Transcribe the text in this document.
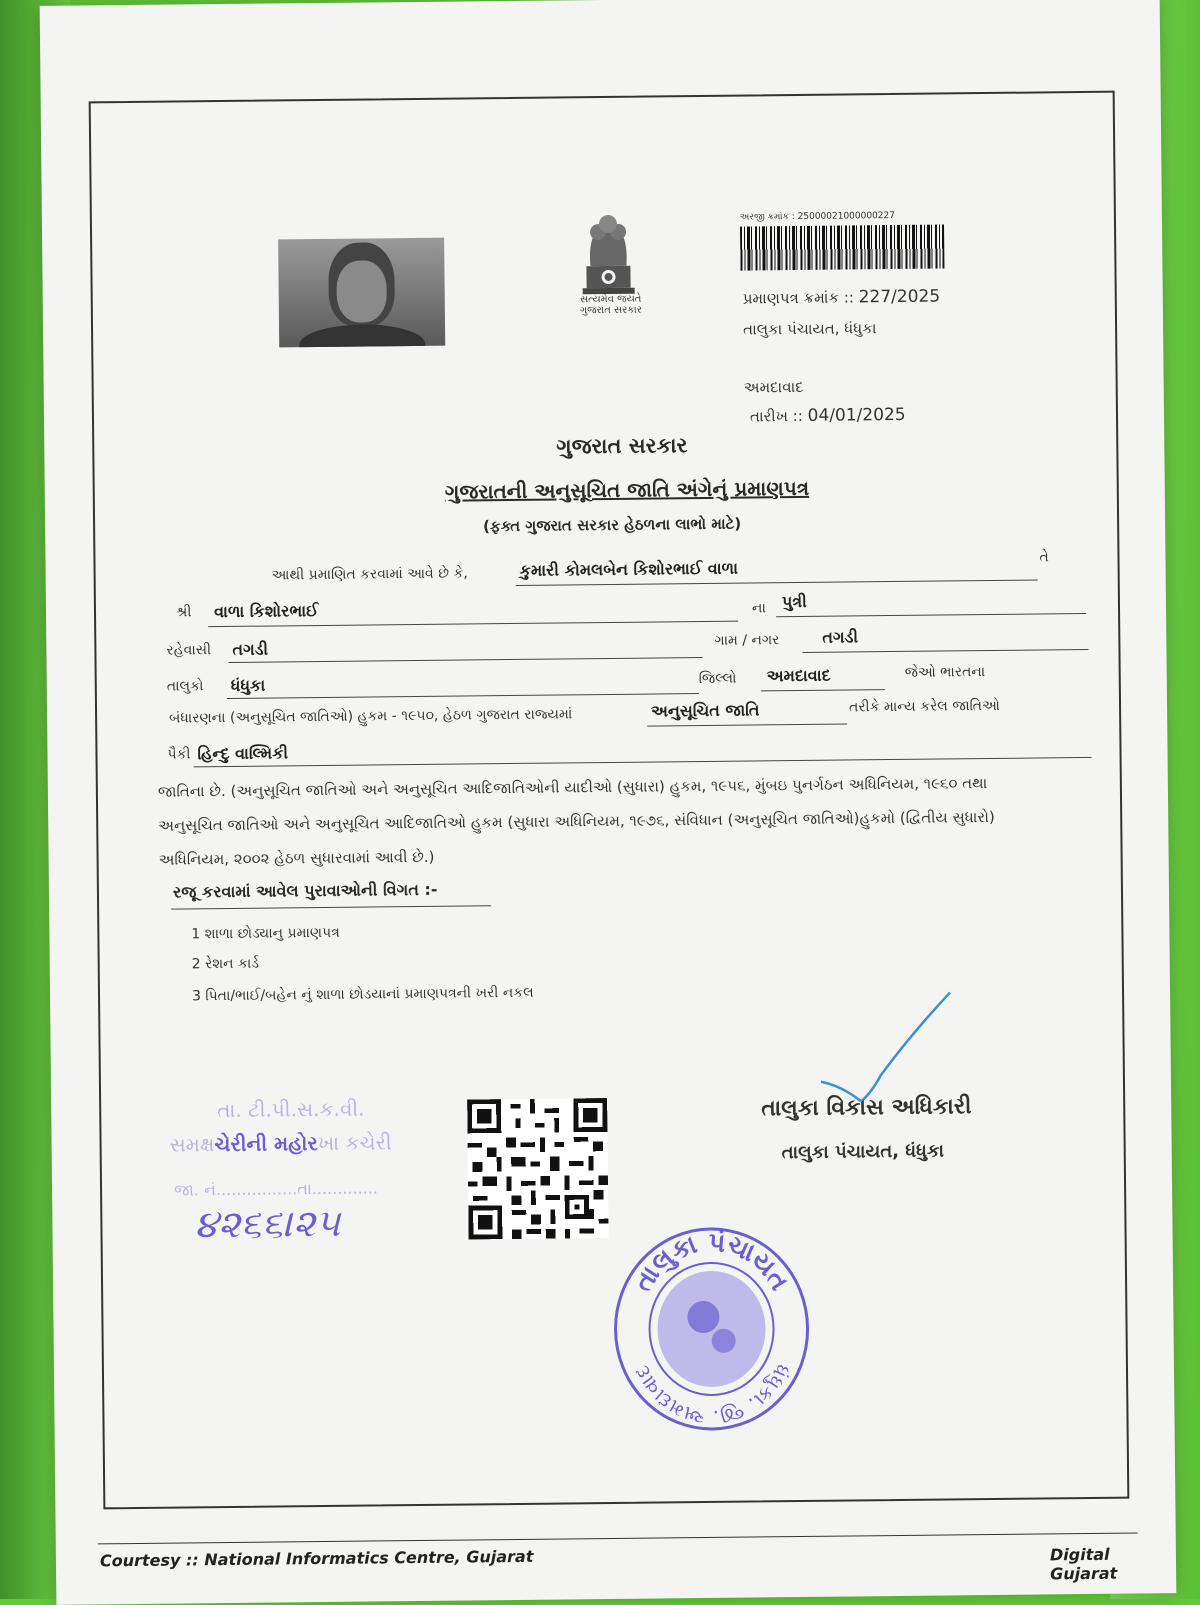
સત્યમેવ જયતે
ગુજરાત સરકાર
અરજી ક્રમાંક : 25000021000000227
પ્રમાણપત્ર ક્રમાંક :: 227/2025
તાલુકા પંચાયત, ધંધુકા
અમદાવાદ
તારીખ :: 04/01/2025
ગુજરાત સરકાર
ગુજરાતની અનુસૂચિત જાતિ અંગેનું પ્રમાણપત્ર
(ફક્ત ગુજરાત સરકાર હેઠળના લાભો માટે)
આથી પ્રમાણિત કરવામાં આવે છે કે,	કુમારી કોમલબેન કિશોરભાઈ વાળા
તે
શ્રી વાળા કિશોરભાઈ	ના પુત્રી
રહેવાસી તગડી	ગામ / નગર	તગડી
તાલુકો ધંધુકા	જિલ્લો અમદાવાદ	જેઓ ભારતના
બંધારણના (અનુસૂચિત જાતિઓ) હુકમ - ૧૯૫૦, હેઠળ ગુજરાત રાજ્યમાં	અનુસૂચિત જાતિ	તરીકે માન્ય કરેલ જાતિઓ
પૈકી હિન્દુ વાલ્મિકી
જાતિના છે. (અનુસૂચિત જાતિઓ અને અનુસૂચિત આદિજાતિઓની યાદીઓ (સુધારા) હુકમ, ૧૯૫૬, મુંબઇ પુનર્ગઠન અધિનિયમ, ૧૯૬૦ તથા
અનુસૂચિત જાતિઓ અને અનુસૂચિત આદિજાતિઓ હુકમ (સુધારા અધિનિયમ, ૧૯૭૬, સંવિધાન (અનુસૂચિત જાતિઓ)હુકમો (દ્વિતીય સુધારો)
અધિનિયમ, ૨૦૦૨ હેઠળ સુધારવામાં આવી છે.)
રજૂ કરવામાં આવેલ પુરાવાઓની વિગત :-
1 શાળા છોડ્યાનુ પ્રમાણપત્ર
2 રેશન કાર્ડ
3 પિતા/ભાઈ/બહેન નું શાળા છોડયાનાં પ્રમાણપત્રની ખરી નકલ
તા. ટી.પી.સ.ક.વી.
સમક્ષચેરીની મહોરખા કચેરી
જા. નં................તા.............
૪૨૬૬।૨૫
તાલુકા વિકાસ અધિકારી
તાલુકા પંચાયત, ધંધુકા
તાલુકા પંચાયત
ધંધુકા. જી. અમદાવાદ
Courtesy :: National Informatics Centre, Gujarat	Digital Gujarat
